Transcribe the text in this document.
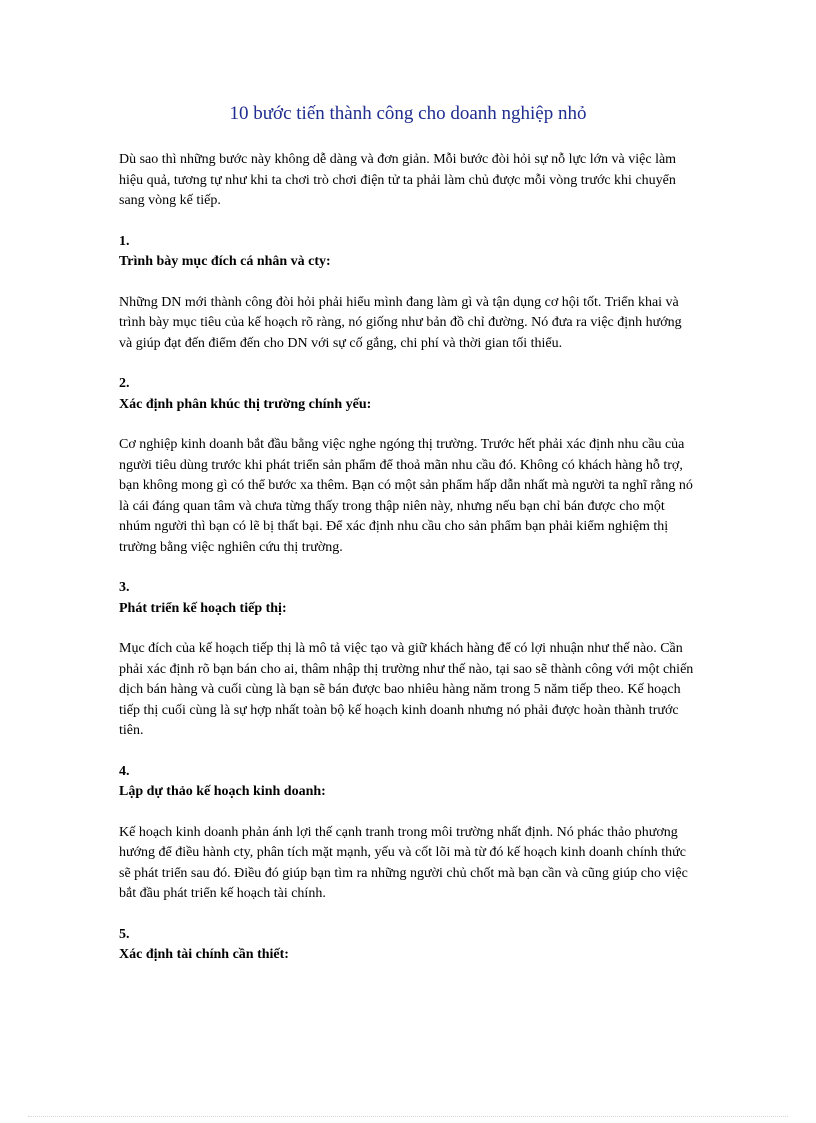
10 bước tiến thành công cho doanh nghiệp nhỏ

Dù sao thì những bước này không dễ dàng và đơn giản. Mỗi bước đòi hỏi sự nỗ lực lớn và việc làm hiệu quả, tương tự như khi ta chơi trò chơi điện tử ta phải làm chủ được mỗi vòng trước khi chuyển sang vòng kế tiếp.

1.

Trình bày mục đích cá nhân và cty:

Những DN mới thành công đòi hỏi phải hiểu mình đang làm gì và tận dụng cơ hội tốt. Triển khai và trình bày mục tiêu của kế hoạch rõ ràng, nó giống như bản đồ chỉ đường. Nó đưa ra việc định hướng và giúp đạt đến điểm đến cho DN với sự cố gắng, chi phí và thời gian tối thiểu.

2.

Xác định phân khúc thị trường chính yếu:

Cơ nghiệp kinh doanh bắt đầu bằng việc nghe ngóng thị trường. Trước hết phải xác định nhu cầu của người tiêu dùng trước khi phát triển sản phẩm để thoả mãn nhu cầu đó. Không có khách hàng hỗ trợ, bạn không mong gì có thể bước xa thêm. Bạn có một sản phẩm hấp dẫn nhất mà người ta nghĩ rằng nó là cái đáng quan tâm và chưa từng thấy trong thập niên này, nhưng nếu bạn chỉ bán được cho một nhúm người thì bạn có lẽ bị thất bại. Để xác định nhu cầu cho sản phẩm bạn phải kiểm nghiệm thị trường bằng việc nghiên cứu thị trường.

3.

Phát triển kế hoạch tiếp thị:

Mục đích của kế hoạch tiếp thị là mô tả việc tạo và giữ khách hàng để có lợi nhuận như thế nào. Cần phải xác định rõ bạn bán cho ai, thâm nhập thị trường như thế nào, tại sao sẽ thành công với một chiến dịch bán hàng và cuối cùng là bạn sẽ bán được bao nhiêu hàng năm trong 5 năm tiếp theo. Kế hoạch tiếp thị cuối cùng là sự hợp nhất toàn bộ kế hoạch kinh doanh nhưng nó phải được hoàn thành trước tiên.

4.

Lập dự thảo kế hoạch kinh doanh:

Kế hoạch kinh doanh phản ánh lợi thế cạnh tranh trong môi trường nhất định. Nó phác thảo phương hướng để điều hành cty, phân tích mặt mạnh, yếu và cốt lõi mà từ đó kế hoạch kinh doanh chính thức sẽ phát triển sau đó. Điều đó giúp bạn tìm ra những người chủ chốt mà bạn cần và cũng giúp cho việc bắt đầu phát triển kế hoạch tài chính.

5.

Xác định tài chính cần thiết:
